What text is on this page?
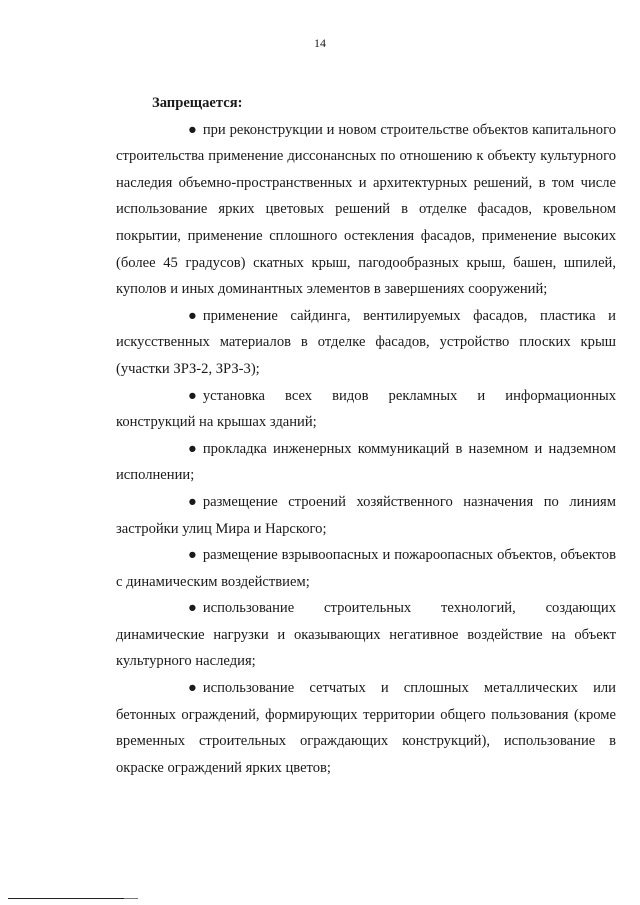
14

Запрещается:

● при реконструкции и новом строительстве объектов капитального строительства применение диссонансных по отношению к объекту культурного наследия объемно-пространственных и архитектурных решений, в том числе использование ярких цветовых решений в отделке фасадов, кровельном покрытии, применение сплошного остекления фасадов, применение высоких (более 45 градусов) скатных крыш, пагодообразных крыш, башен, шпилей, куполов и иных доминантных элементов в завершениях сооружений;

● применение сайдинга, вентилируемых фасадов, пластика и искусственных материалов в отделке фасадов, устройство плоских крыш (участки ЗРЗ-2, ЗРЗ-3);

● установка всех видов рекламных и информационных конструкций на крышах зданий;

● прокладка инженерных коммуникаций в наземном и надземном исполнении;

● размещение строений хозяйственного назначения по линиям застройки улиц Мира и Нарского;

● размещение взрывоопасных и пожароопасных объектов, объектов с динамическим воздействием;

● использование строительных технологий, создающих динамические нагрузки и оказывающих негативное воздействие на объект культурного наследия;

● использование сетчатых и сплошных металлических или бетонных ограждений, формирующих территории общего пользования (кроме временных строительных ограждающих конструкций), использование в окраске ограждений ярких цветов;
